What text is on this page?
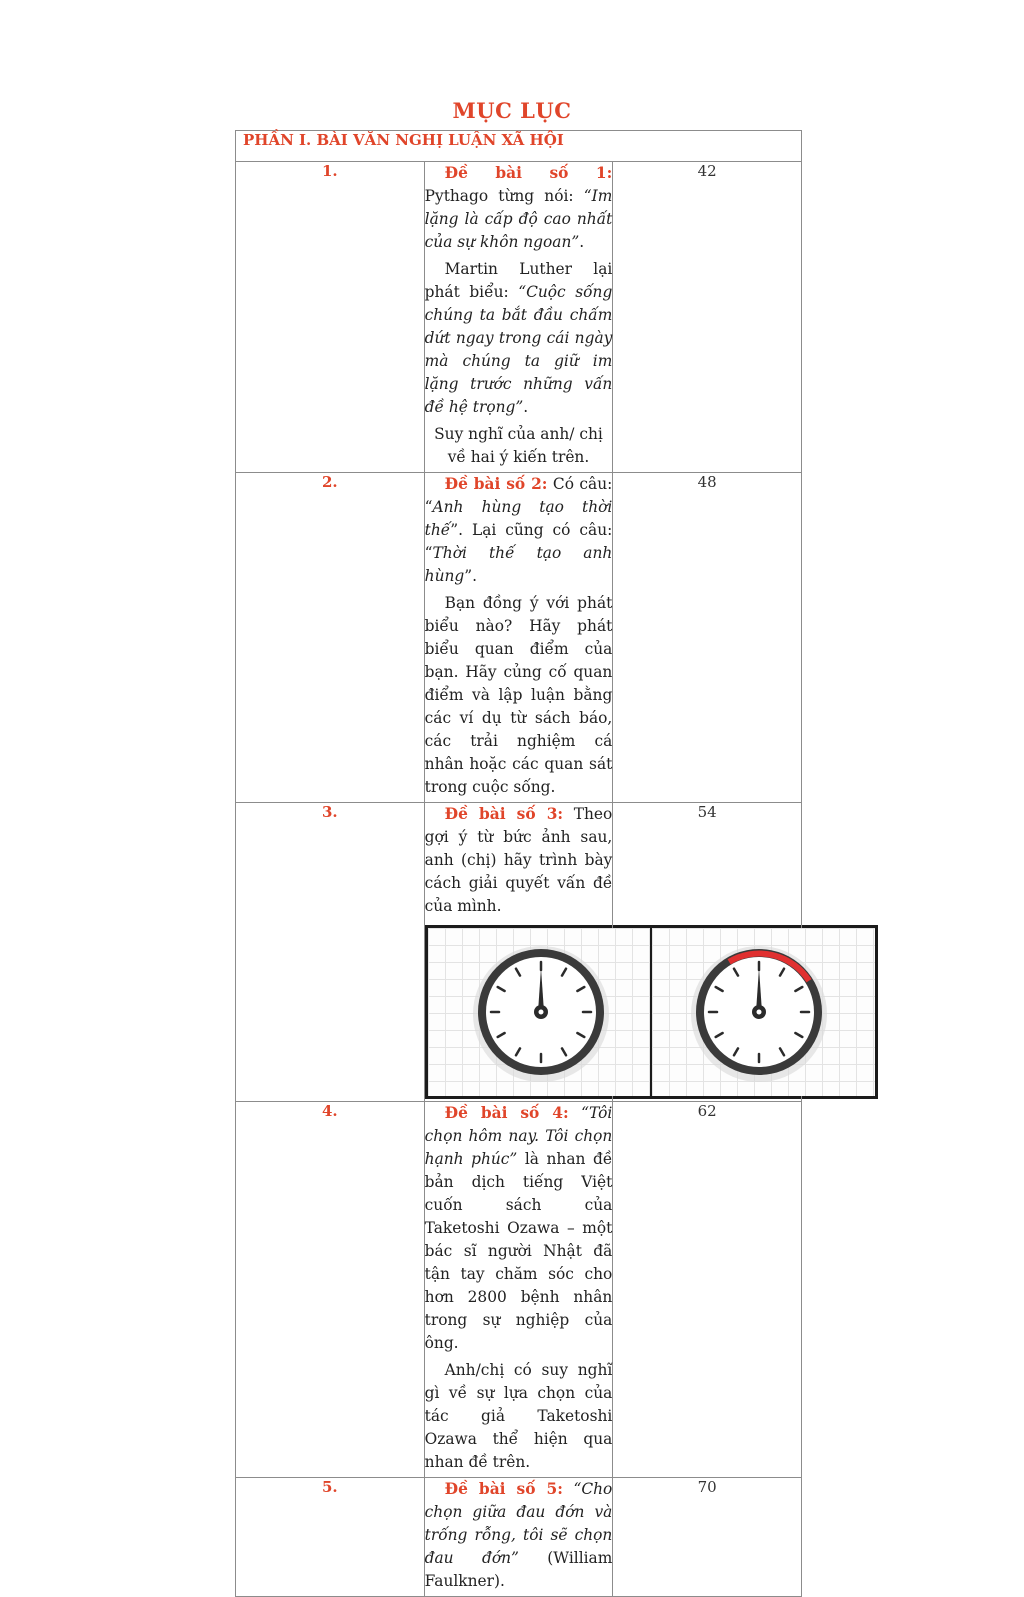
MỤC LỤC
PHẦN I. BÀI VĂN NGHỊ LUẬN XÃ HỘI		

1.	Đề bài số 1: Pythago từng nói: “Im lặng là cấp độ cao nhất của sự khôn ngoan”.

Martin Luther lại phát biểu: “Cuộc sống chúng ta bắt đầu chấm dứt ngay trong cái ngày mà chúng ta giữ im lặng trước những vấn đề hệ trọng”.

Suy nghĩ của anh/ chị về hai ý kiến trên.	42
2.	Đề bài số 2: Có câu: “Anh hùng tạo thời thế”. Lại cũng có câu: “Thời thế tạo anh hùng”.

Bạn đồng ý với phát biểu nào? Hãy phát biểu quan điểm của bạn. Hãy củng cố quan điểm và lập luận bằng các ví dụ từ sách báo, các trải nghiệm cá nhân hoặc các quan sát trong cuộc sống.	48
3.	Đề bài số 3: Theo gợi ý từ bức ảnh sau, anh (chị) hãy trình bày cách giải quyết vấn đề của mình.	54
4.	Đề bài số 4: “Tôi chọn hôm nay. Tôi chọn hạnh phúc” là nhan đề bản dịch tiếng Việt cuốn sách của Taketoshi Ozawa – một bác sĩ người Nhật đã tận tay chăm sóc cho hơn 2800 bệnh nhân trong sự nghiệp của ông.

Anh/chị có suy nghĩ gì về sự lựa chọn của tác giả Taketoshi Ozawa thể hiện qua nhan đề trên.	62
5.	Đề bài số 5: “Cho chọn giữa đau đớn và trống rỗng, tôi sẽ chọn đau đớn” (William Faulkner).	70
